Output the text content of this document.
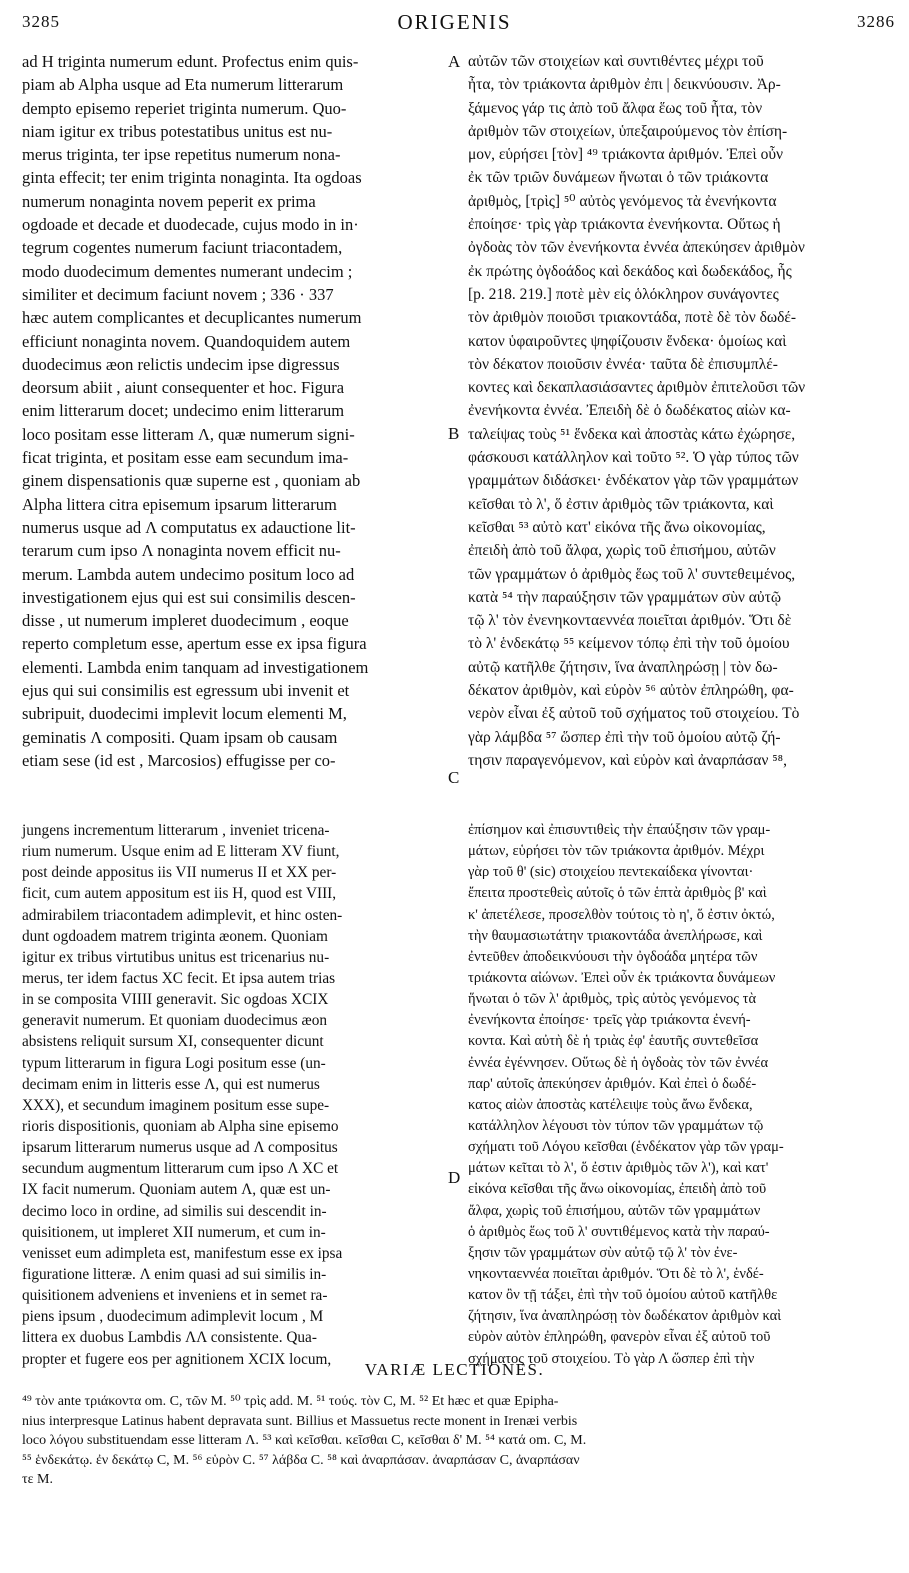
3285	ORIGENIS	3286
A
B
C
D
ad H triginta numerum edunt. Profectus enim quis-
piam ab Alpha usque ad Eta numerum litterarum
dempto episemo reperiet triginta numerum. Quo-
niam igitur ex tribus potestatibus unitus est nu-
merus triginta, ter ipse repetitus numerum nona-
ginta effecit; ter enim triginta nonaginta. Ita ogdoas
numerum nonaginta novem peperit ex prima
ogdoade et decade et duodecade, cujus modo in in·
tegrum cogentes numerum faciunt triacontadem,
modo duodecimum dementes numerant undecim ;
similiter et decimum faciunt novem ; 336 · 337
hæc autem complicantes et decuplicantes numerum
efficiunt nonaginta novem. Quandoquidem autem
duodecimus æon relictis undecim ipse digressus
deorsum abiit , aiunt consequenter et hoc. Figura
enim litterarum docet; undecimo enim litterarum
loco positam esse litteram Λ, quæ numerum signi-
ficat triginta, et positam esse eam secundum ima-
ginem dispensationis quæ superne est , quoniam ab
Alpha littera citra episemum ipsarum litterarum
numerus usque ad Λ computatus ex adauctione lit-
terarum cum ipso Λ nonaginta novem efficit nu-
merum. Lambda autem undecimo positum loco ad
investigationem ejus qui est sui consimilis descen-
disse , ut numerum impleret duodecimum , eoque
reperto completum esse, apertum esse ex ipsa figura
elementi. Lambda enim tanquam ad investigationem
ejus qui sui consimilis est egressum ubi invenit et
subripuit, duodecimi implevit locum elementi M,
geminatis Λ compositi. Quam ipsam ob causam
etiam sese (id est , Marcosios) effugisse per co-
αὐτῶν τῶν στοιχείων καὶ συντιθέντες μέχρι τοῦ
ἦτα, τὸν τριάκοντα ἀριθμὸν ἐπι | δεικνύουσιν. Ἀρ-
ξάμενος γάρ τις ἀπὸ τοῦ ἄλφα ἕως τοῦ ἦτα, τὸν
ἀριθμὸν τῶν στοιχείων, ὑπεξαιρούμενος τὸν ἐπίση-
μον, εὑρήσει [τὸν] ⁴⁹ τριάκοντα ἀριθμόν. Ἐπεὶ οὖν
ἐκ τῶν τριῶν δυνάμεων ἥνωται ὁ τῶν τριάκοντα
ἀριθμὸς, [τρὶς] ⁵⁰ αὐτὸς γενόμενος τὰ ἐνενήκοντα
ἐποίησε· τρὶς γὰρ τριάκοντα ἐνενήκοντα. Οὕτως ἡ
ὀγδοὰς τὸν τῶν ἐνενήκοντα ἐννέα ἀπεκύησεν ἀριθμὸν
ἐκ πρώτης ὀγδοάδος καὶ δεκάδος καὶ δωδεκάδος, ἧς
[p. 218. 219.] ποτὲ μὲν εἰς ὁλόκληρον συνάγοντες
τὸν ἀριθμὸν ποιοῦσι τριακοντάδα, ποτὲ δὲ τὸν δωδέ-
κατον ὑφαιροῦντες ψηφίζουσιν ἕνδεκα· ὁμοίως καὶ
τὸν δέκατον ποιοῦσιν ἐννέα· ταῦτα δὲ ἐπισυμπλέ-
κοντες καὶ δεκαπλασιάσαντες ἀριθμὸν ἐπιτελοῦσι τῶν
ἐνενήκοντα ἐννέα. Ἐπειδὴ δὲ ὁ δωδέκατος αἰὼν κα-
ταλείψας τοὺς ⁵¹ ἕνδεκα καὶ ἀποστὰς κάτω ἐχώρησε,
φάσκουσι κατάλληλον καὶ τοῦτο ⁵². Ὁ γὰρ τύπος τῶν
γραμμάτων διδάσκει· ἑνδέκατον γὰρ τῶν γραμμάτων
κεῖσθαι τὸ λ', ὅ ἐστιν ἀριθμὸς τῶν τριάκοντα, καὶ
κεῖσθαι ⁵³ αὐτὸ κατ' εἰκόνα τῆς ἄνω οἰκονομίας,
ἐπειδὴ ἀπὸ τοῦ ἄλφα, χωρὶς τοῦ ἐπισήμου, αὐτῶν
τῶν γραμμάτων ὁ ἀριθμὸς ἕως τοῦ λ' συντεθειμένος,
κατὰ ⁵⁴ τὴν παραύξησιν τῶν γραμμάτων σὺν αὐτῷ
τῷ λ' τὸν ἐνενηκονταεννέα ποιεῖται ἀριθμόν. Ὅτι δὲ
τὸ λ' ἑνδεκάτῳ ⁵⁵ κείμενον τόπῳ ἐπὶ τὴν τοῦ ὁμοίου
αὐτῷ κατῆλθε ζήτησιν, ἵνα ἀναπληρώσῃ | τὸν δω-
δέκατον ἀριθμὸν, καὶ εὑρὸν ⁵⁶ αὐτὸν ἐπληρώθη, φα-
νερὸν εἶναι ἐξ αὐτοῦ τοῦ σχήματος τοῦ στοιχείου. Τὸ
γὰρ λάμβδα ⁵⁷ ὥσπερ ἐπὶ τὴν τοῦ ὁμοίου αὐτῷ ζή-
τησιν παραγενόμενον, καὶ εὑρὸν καὶ ἀναρπάσαν ⁵⁸,
jungens incrementum litterarum , inveniet tricena-
rium numerum. Usque enim ad E litteram XV fiunt,
post deinde appositus iis VII numerus II et XX per-
ficit, cum autem appositum est iis H, quod est VIII,
admirabilem triacontadem adimplevit, et hinc osten-
dunt ogdoadem matrem triginta æonem. Quoniam
igitur ex tribus virtutibus unitus est tricenarius nu-
merus, ter idem factus XC fecit. Et ipsa autem trias
in se composita VIIII generavit. Sic ogdoas XCIX
generavit numerum. Et quoniam duodecimus æon
absistens reliquit sursum XI, consequenter dicunt
typum litterarum in figura Logi positum esse (un-
decimam enim in litteris esse Λ, qui est numerus
XXX), et secundum imaginem positum esse supe-
rioris dispositionis, quoniam ab Alpha sine episemo
ipsarum litterarum numerus usque ad Λ compositus
secundum augmentum litterarum cum ipso Λ XC et
IX facit numerum. Quoniam autem Λ, quæ est un-
decimo loco in ordine, ad similis sui descendit in-
quisitionem, ut impleret XII numerum, et cum in-
venisset eum adimpleta est, manifestum esse ex ipsa
figuratione litteræ. Λ enim quasi ad sui similis in-
quisitionem adveniens et inveniens et in semet ra-
piens ipsum , duodecimum adimplevit locum , M
littera ex duobus Lambdis ΛΛ consistente. Qua-
propter et fugere eos per agnitionem XCIX locum,
ἐπίσημον καὶ ἐπισυντιθεὶς τὴν ἐπαύξησιν τῶν γραμ-
μάτων, εὑρήσει τὸν τῶν τριάκοντα ἀριθμόν. Μέχρι
γὰρ τοῦ θ' (sic) στοιχείου πεντεκαίδεκα γίνονται·
ἔπειτα προστεθεὶς αὐτοῖς ὁ τῶν ἑπτὰ ἀριθμὸς β' καὶ
κ' ἀπετέλεσε, προσελθὸν τούτοις τὸ η', ὅ ἐστιν ὀκτώ,
τὴν θαυμασιωτάτην τριακοντάδα ἀνεπλήρωσε, καὶ
ἐντεῦθεν ἀποδεικνύουσι τὴν ὀγδοάδα μητέρα τῶν
τριάκοντα αἰώνων. Ἐπεὶ οὖν ἐκ τριάκοντα δυνάμεων
ἥνωται ὁ τῶν λ' ἀριθμὸς, τρὶς αὐτὸς γενόμενος τὰ
ἐνενήκοντα ἐποίησε· τρεῖς γὰρ τριάκοντα ἐνενή-
κοντα. Καὶ αὐτὴ δὲ ἡ τριὰς ἐφ' ἑαυτῆς συντεθεῖσα
ἐννέα ἐγέννησεν. Οὕτως δὲ ἡ ὀγδοὰς τὸν τῶν ἐννέα
παρ' αὐτοῖς ἀπεκύησεν ἀριθμόν. Καὶ ἐπεὶ ὁ δωδέ-
κατος αἰὼν ἀποστὰς κατέλειψε τοὺς ἄνω ἕνδεκα,
κατάλληλον λέγουσι τὸν τύπον τῶν γραμμάτων τῷ
σχήματι τοῦ Λόγου κεῖσθαι (ἑνδέκατον γὰρ τῶν γραμ-
μάτων κεῖται τὸ λ', ὅ ἐστιν ἀριθμὸς τῶν λ'), καὶ κατ'
εἰκόνα κεῖσθαι τῆς ἄνω οἰκονομίας, ἐπειδὴ ἀπὸ τοῦ
ἄλφα, χωρὶς τοῦ ἐπισήμου, αὐτῶν τῶν γραμμάτων
ὁ ἀριθμὸς ἕως τοῦ λ' συντιθέμενος κατὰ τὴν παραύ-
ξησιν τῶν γραμμάτων σὺν αὐτῷ τῷ λ' τὸν ἐνε-
νηκονταεννέα ποιεῖται ἀριθμόν. Ὅτι δὲ τὸ λ', ἑνδέ-
κατον ὂν τῇ τάξει, ἐπὶ τὴν τοῦ ὁμοίου αὐτοῦ κατῆλθε
ζήτησιν, ἵνα ἀναπληρώσῃ τὸν δωδέκατον ἀριθμὸν καὶ
εὑρὸν αὐτὸν ἐπληρώθη, φανερὸν εἶναι ἐξ αὐτοῦ τοῦ
σχήματος τοῦ στοιχείου. Τὸ γὰρ Λ ὥσπερ ἐπὶ τὴν
VARIÆ LECTIONES.
⁴⁹ τὸν ante τριάκοντα om. C, τῶν M. ⁵⁰ τρὶς add. M. ⁵¹ τούς. τὸν C, M. ⁵² Et hæc et quæ Epipha-
nius interpresque Latinus habent depravata sunt. Billius et Massuetus recte monent in Irenæi verbis
loco λόγου substituendam esse litteram Λ. ⁵³ καὶ κεῖσθαι. κεῖσθαι C, κεῖσθαι δ' M. ⁵⁴ κατά om. C, M.
⁵⁵ ἑνδεκάτῳ. ἐν δεκάτῳ C, M. ⁵⁶ εὑρὸν C. ⁵⁷ λάβδα C. ⁵⁸ καὶ ἀναρπάσαν. ἀναρπάσαν C, ἀναρπάσαν
τε M.
